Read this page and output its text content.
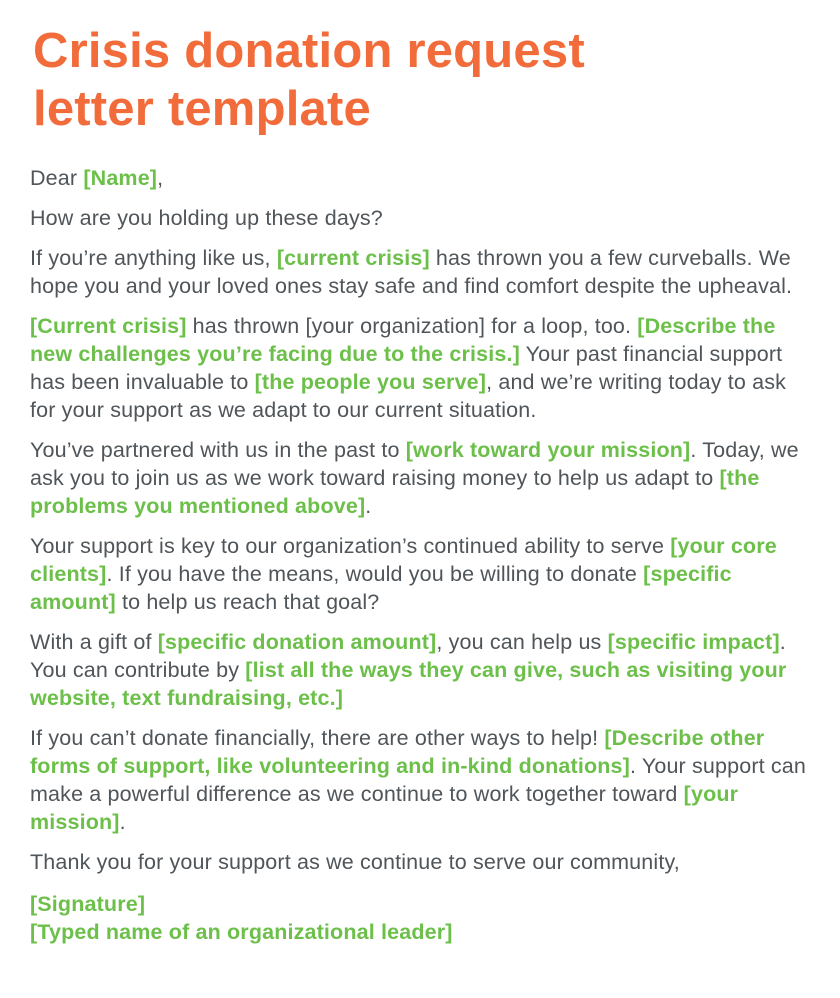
Crisis donation request
letter template

Dear [Name],

How are you holding up these days?

If you’re anything like us, [current crisis] has thrown you a few curveballs. We hope you and your loved ones stay safe and find comfort despite the upheaval.

[Current crisis] has thrown [your organization] for a loop, too. [Describe the new challenges you’re facing due to the crisis.] Your past financial support has been invaluable to [the people you serve], and we’re writing today to ask for your support as we adapt to our current situation.

You’ve partnered with us in the past to [work toward your mission]. Today, we ask you to join us as we work toward raising money to help us adapt to [the problems you mentioned above].

Your support is key to our organization’s continued ability to serve [your core clients]. If you have the means, would you be willing to donate [specific amount] to help us reach that goal?

With a gift of [specific donation amount], you can help us [specific impact]. You can contribute by [list all the ways they can give, such as visiting your website, text fundraising, etc.]

If you can’t donate financially, there are other ways to help! [Describe other forms of support, like volunteering and in-kind donations]. Your support can make a powerful difference as we continue to work together toward [your mission].

Thank you for your support as we continue to serve our community,

[Signature]
[Typed name of an organizational leader]
